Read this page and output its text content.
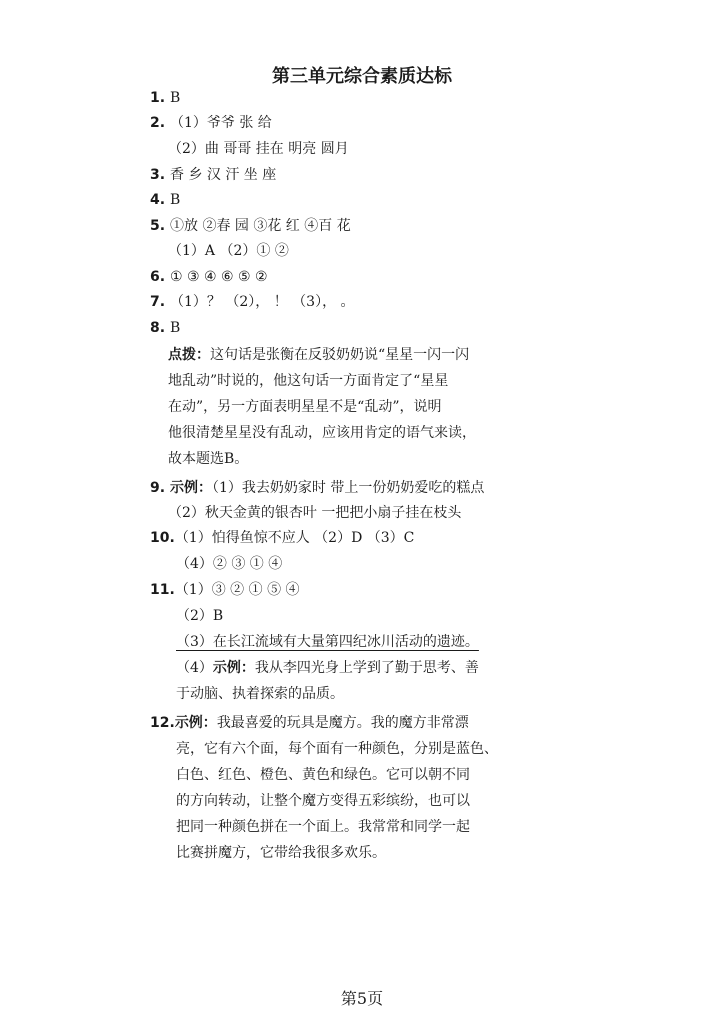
第三单元综合素质达标
1. B
2. （1）爷爷 张 给
（2）曲 哥哥 挂在 明亮 圆月
3. 香 乡 汉 汗 坐 座
4. B
5. ①放 ②春 园 ③花 红 ④百 花
（1）A （2）① ②
6. ① ③ ④ ⑥ ⑤ ②
7. （1）？ （2）， ！ （3）， 。
8. B
点拨：这句话是张衡在反驳奶奶说“星星一闪一闪
地乱动”时说的，他这句话一方面肯定了“星星
在动”，另一方面表明星星不是“乱动”，说明
他很清楚星星没有乱动，应该用肯定的语气来读，
故本题选B。
9. 示例：（1）我去奶奶家时 带上一份奶奶爱吃的糕点
（2）秋天金黄的银杏叶 一把把小扇子挂在枝头
10.（1）怕得鱼惊不应人 （2）D （3）C
（4）② ③ ① ④
11.（1）③ ② ① ⑤ ④
（2）B
（3）在长江流域有大量第四纪冰川活动的遗迹。
（4）示例：我从李四光身上学到了勤于思考、善
于动脑、执着探索的品质。
12.示例：我最喜爱的玩具是魔方。我的魔方非常漂
亮，它有六个面，每个面有一种颜色，分别是蓝色、
白色、红色、橙色、黄色和绿色。它可以朝不同
的方向转动，让整个魔方变得五彩缤纷，也可以
把同一种颜色拼在一个面上。我常常和同学一起
比赛拼魔方，它带给我很多欢乐。
第5页
